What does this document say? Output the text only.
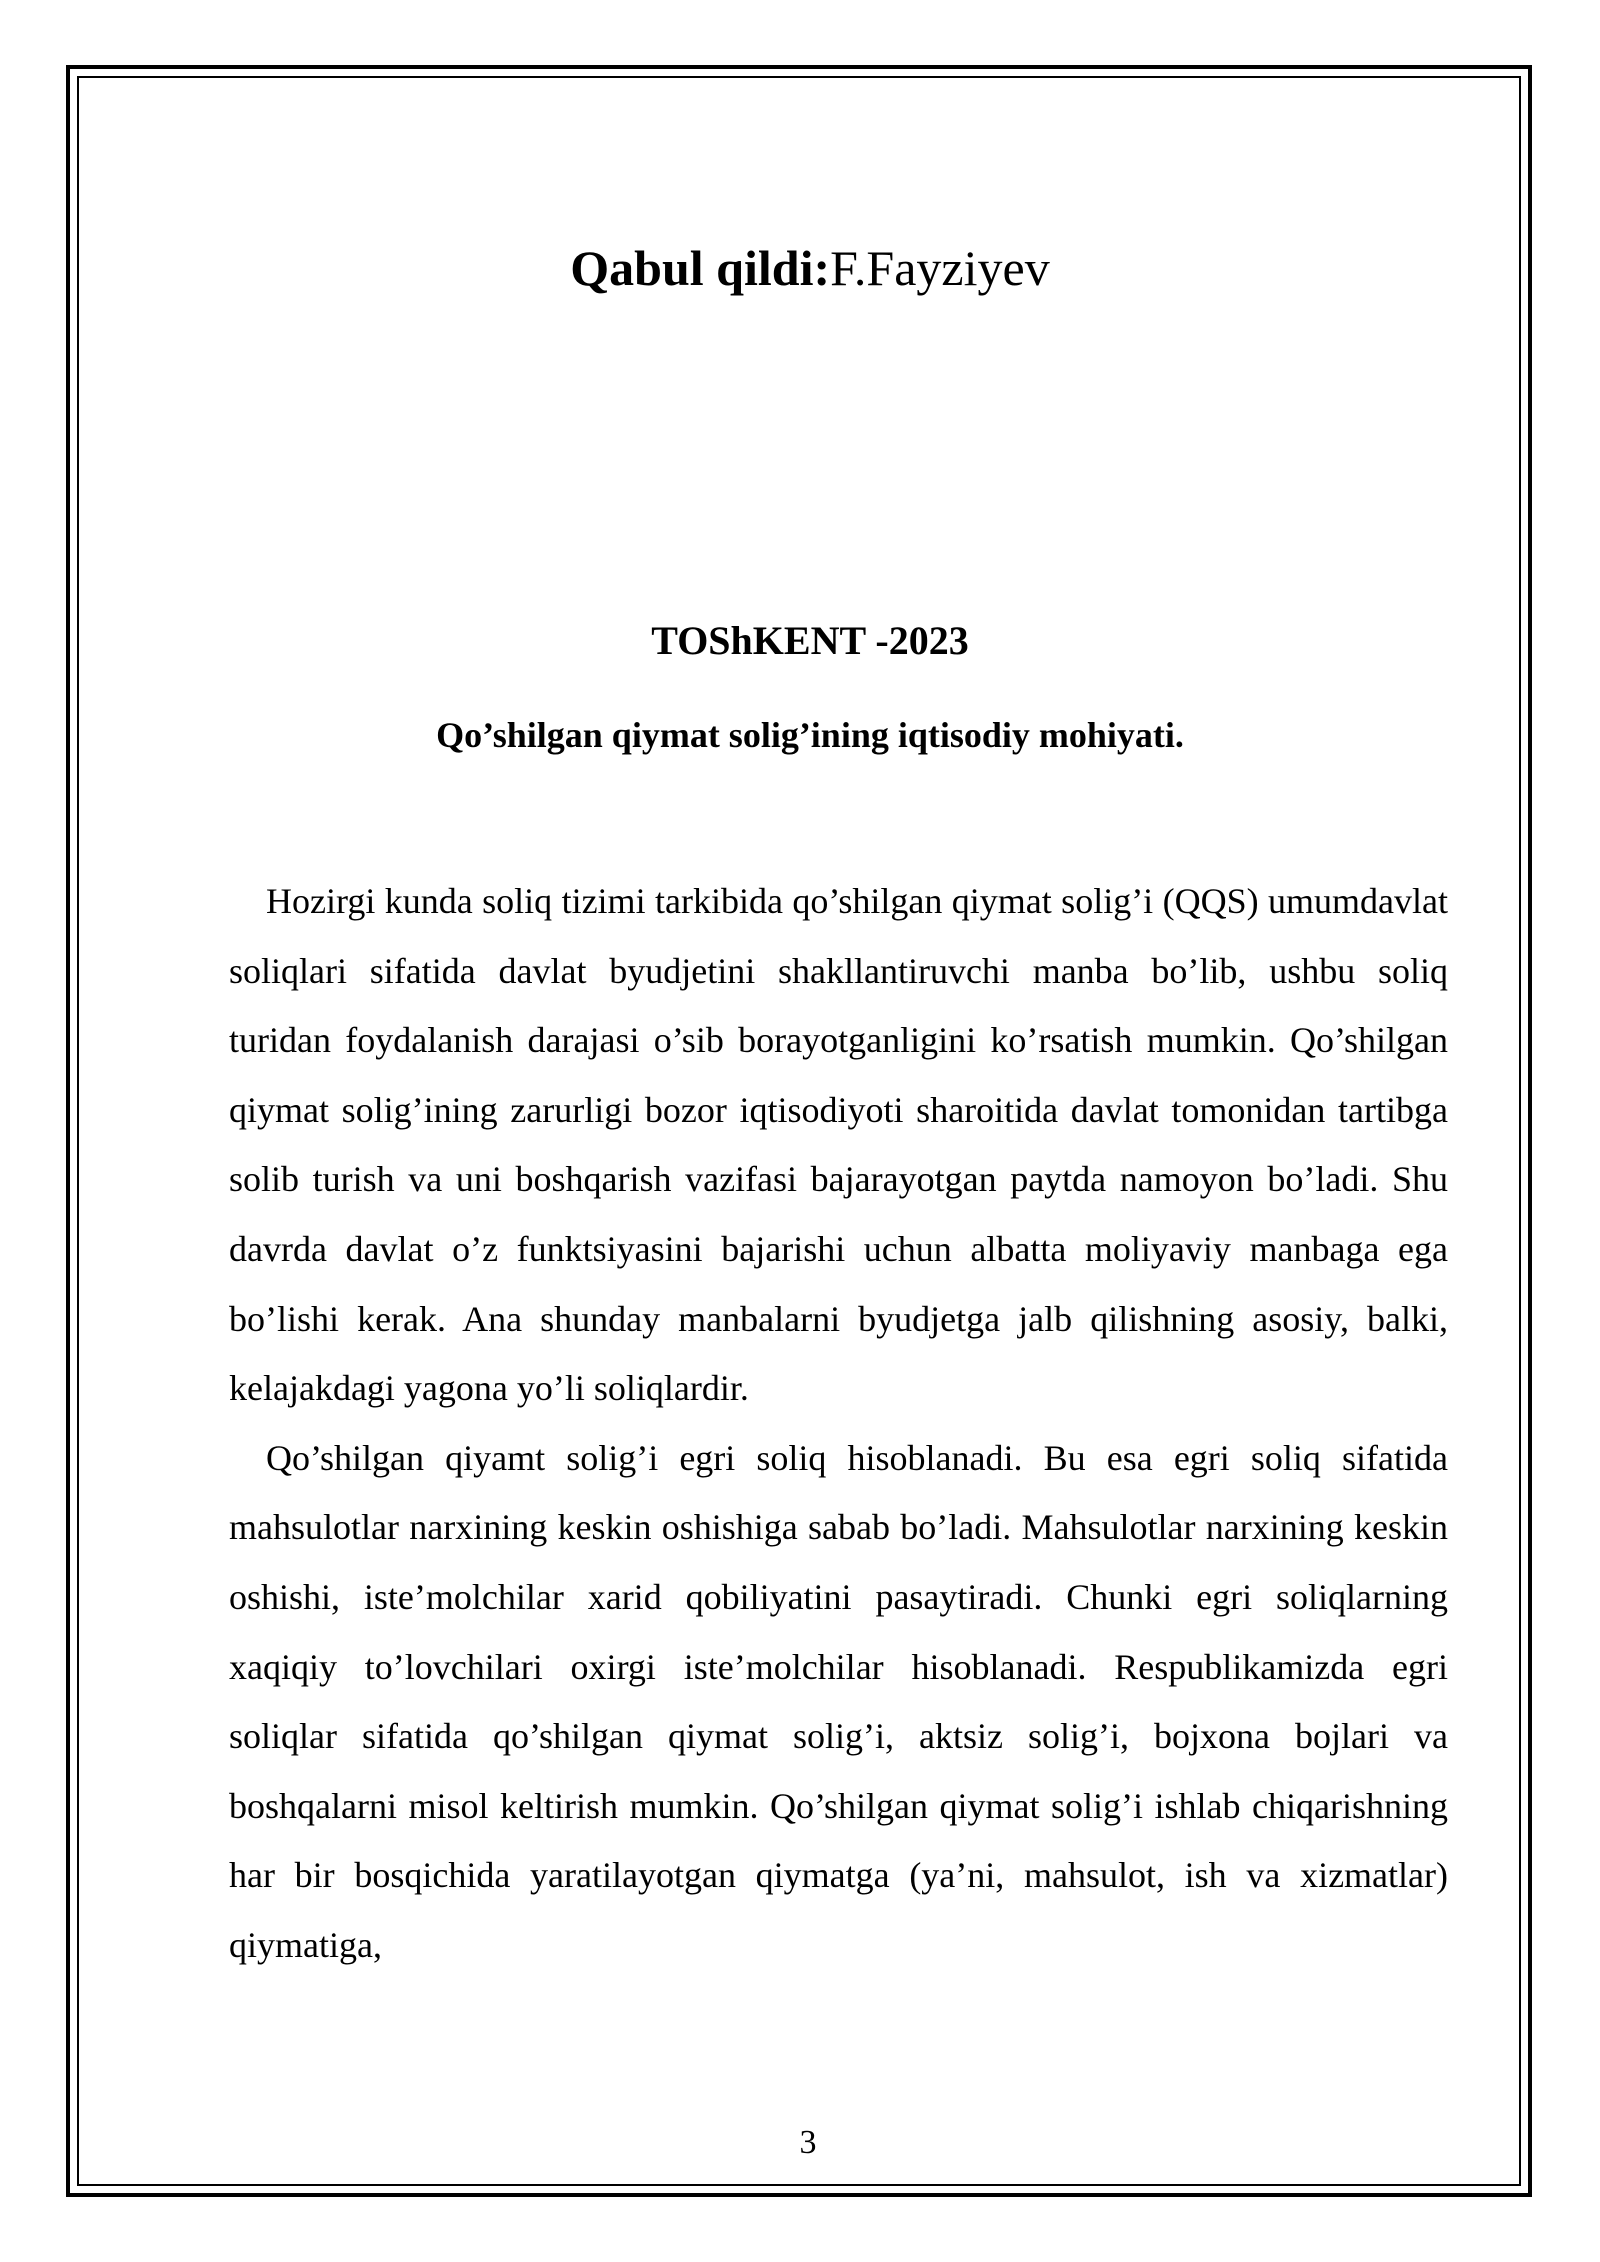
Qabul qildi:F.Fayziyev
TOShKENT -2023
Qo’shilgan qiymat solig’ining iqtisodiy mohiyati.

Hozirgi kunda soliq tizimi tarkibida qo’shilgan qiymat solig’i (QQS) umumdavlat soliqlari sifatida davlat byudjetini shakllantiruvchi manba bo’lib, ushbu soliq turidan foydalanish darajasi o’sib borayotganligini ko’rsatish mumkin. Qo’shilgan qiymat solig’ining zarurligi bozor iqtisodiyoti sharoitida davlat tomonidan tartibga solib turish va uni boshqarish vazifasi bajarayotgan paytda namoyon bo’ladi. Shu davrda davlat o’z funktsiyasini bajarishi uchun albatta moliyaviy manbaga ega bo’lishi kerak. Ana shunday manbalarni byudjetga jalb qilishning asosiy, balki, kelajakdagi yagona yo’li soliqlardir.

Qo’shilgan qiyamt solig’i egri soliq hisoblanadi. Bu esa egri soliq sifatida mahsulotlar narxining keskin oshishiga sabab bo’ladi. Mahsulotlar narxining keskin oshishi, iste’molchilar xarid qobiliyatini pasaytiradi. Chunki egri soliqlarning xaqiqiy to’lovchilari oxirgi iste’molchilar hisoblanadi. Respublikamizda egri soliqlar sifatida qo’shilgan qiymat solig’i, aktsiz solig’i, bojxona bojlari va boshqalarni misol keltirish mumkin. Qo’shilgan qiymat solig’i ishlab chiqarishning har bir bosqichida yaratilayotgan qiymatga (ya’ni, mahsulot, ish va xizmatlar) qiymatiga,

3
